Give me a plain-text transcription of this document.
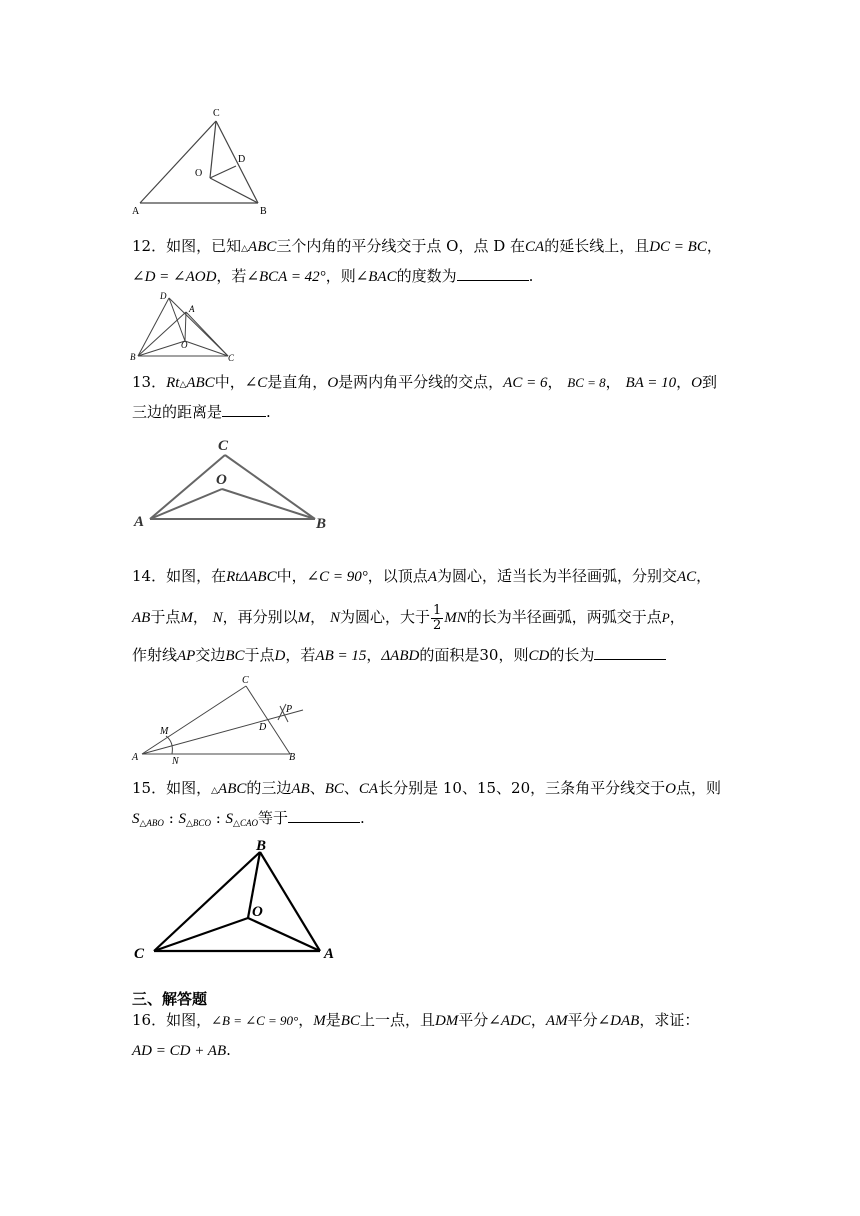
C
D
O
A	B
12．如图，已知△ABC三个内角的平分线交于点 O，点 D 在CA的延长线上，且DC = BC，
∠D = ∠AOD，若∠BCA = 42°，则∠BAC的度数为	.
D
A
O
B	C
13．Rt△ABC中，∠C是直角，O是两内角平分线的交点，AC = 6， BC = 8， BA = 10，O到
三边的距离是	.
C
O
A	B
14．如图，在RtΔABC中，∠C = 90°，以顶点A为圆心，适当长为半径画弧，分别交AC，
AB于点M， N，再分别以M， N为圆心，大于 $\frac{1}{2}$ MN的长为半径画弧，两弧交于点P，
作射线AP交边BC于点D，若AB = 15，ΔABD的面积是30，则CD的长为
C
P
D
M
A	N	B
15．如图，△ABC的三边AB、BC、CA长分别是 10、15、20，三条角平分线交于O点，则
$S_{\triangle ABO}$ : $S_{\triangle BCO}$ : $S_{\triangle CAO}$等于	.
B
O
C	A
三、解答题
16．如图，∠B = ∠C = 90°，M是BC上一点，且DM平分∠ADC，AM平分∠DAB，求证：
AD = CD + AB.
